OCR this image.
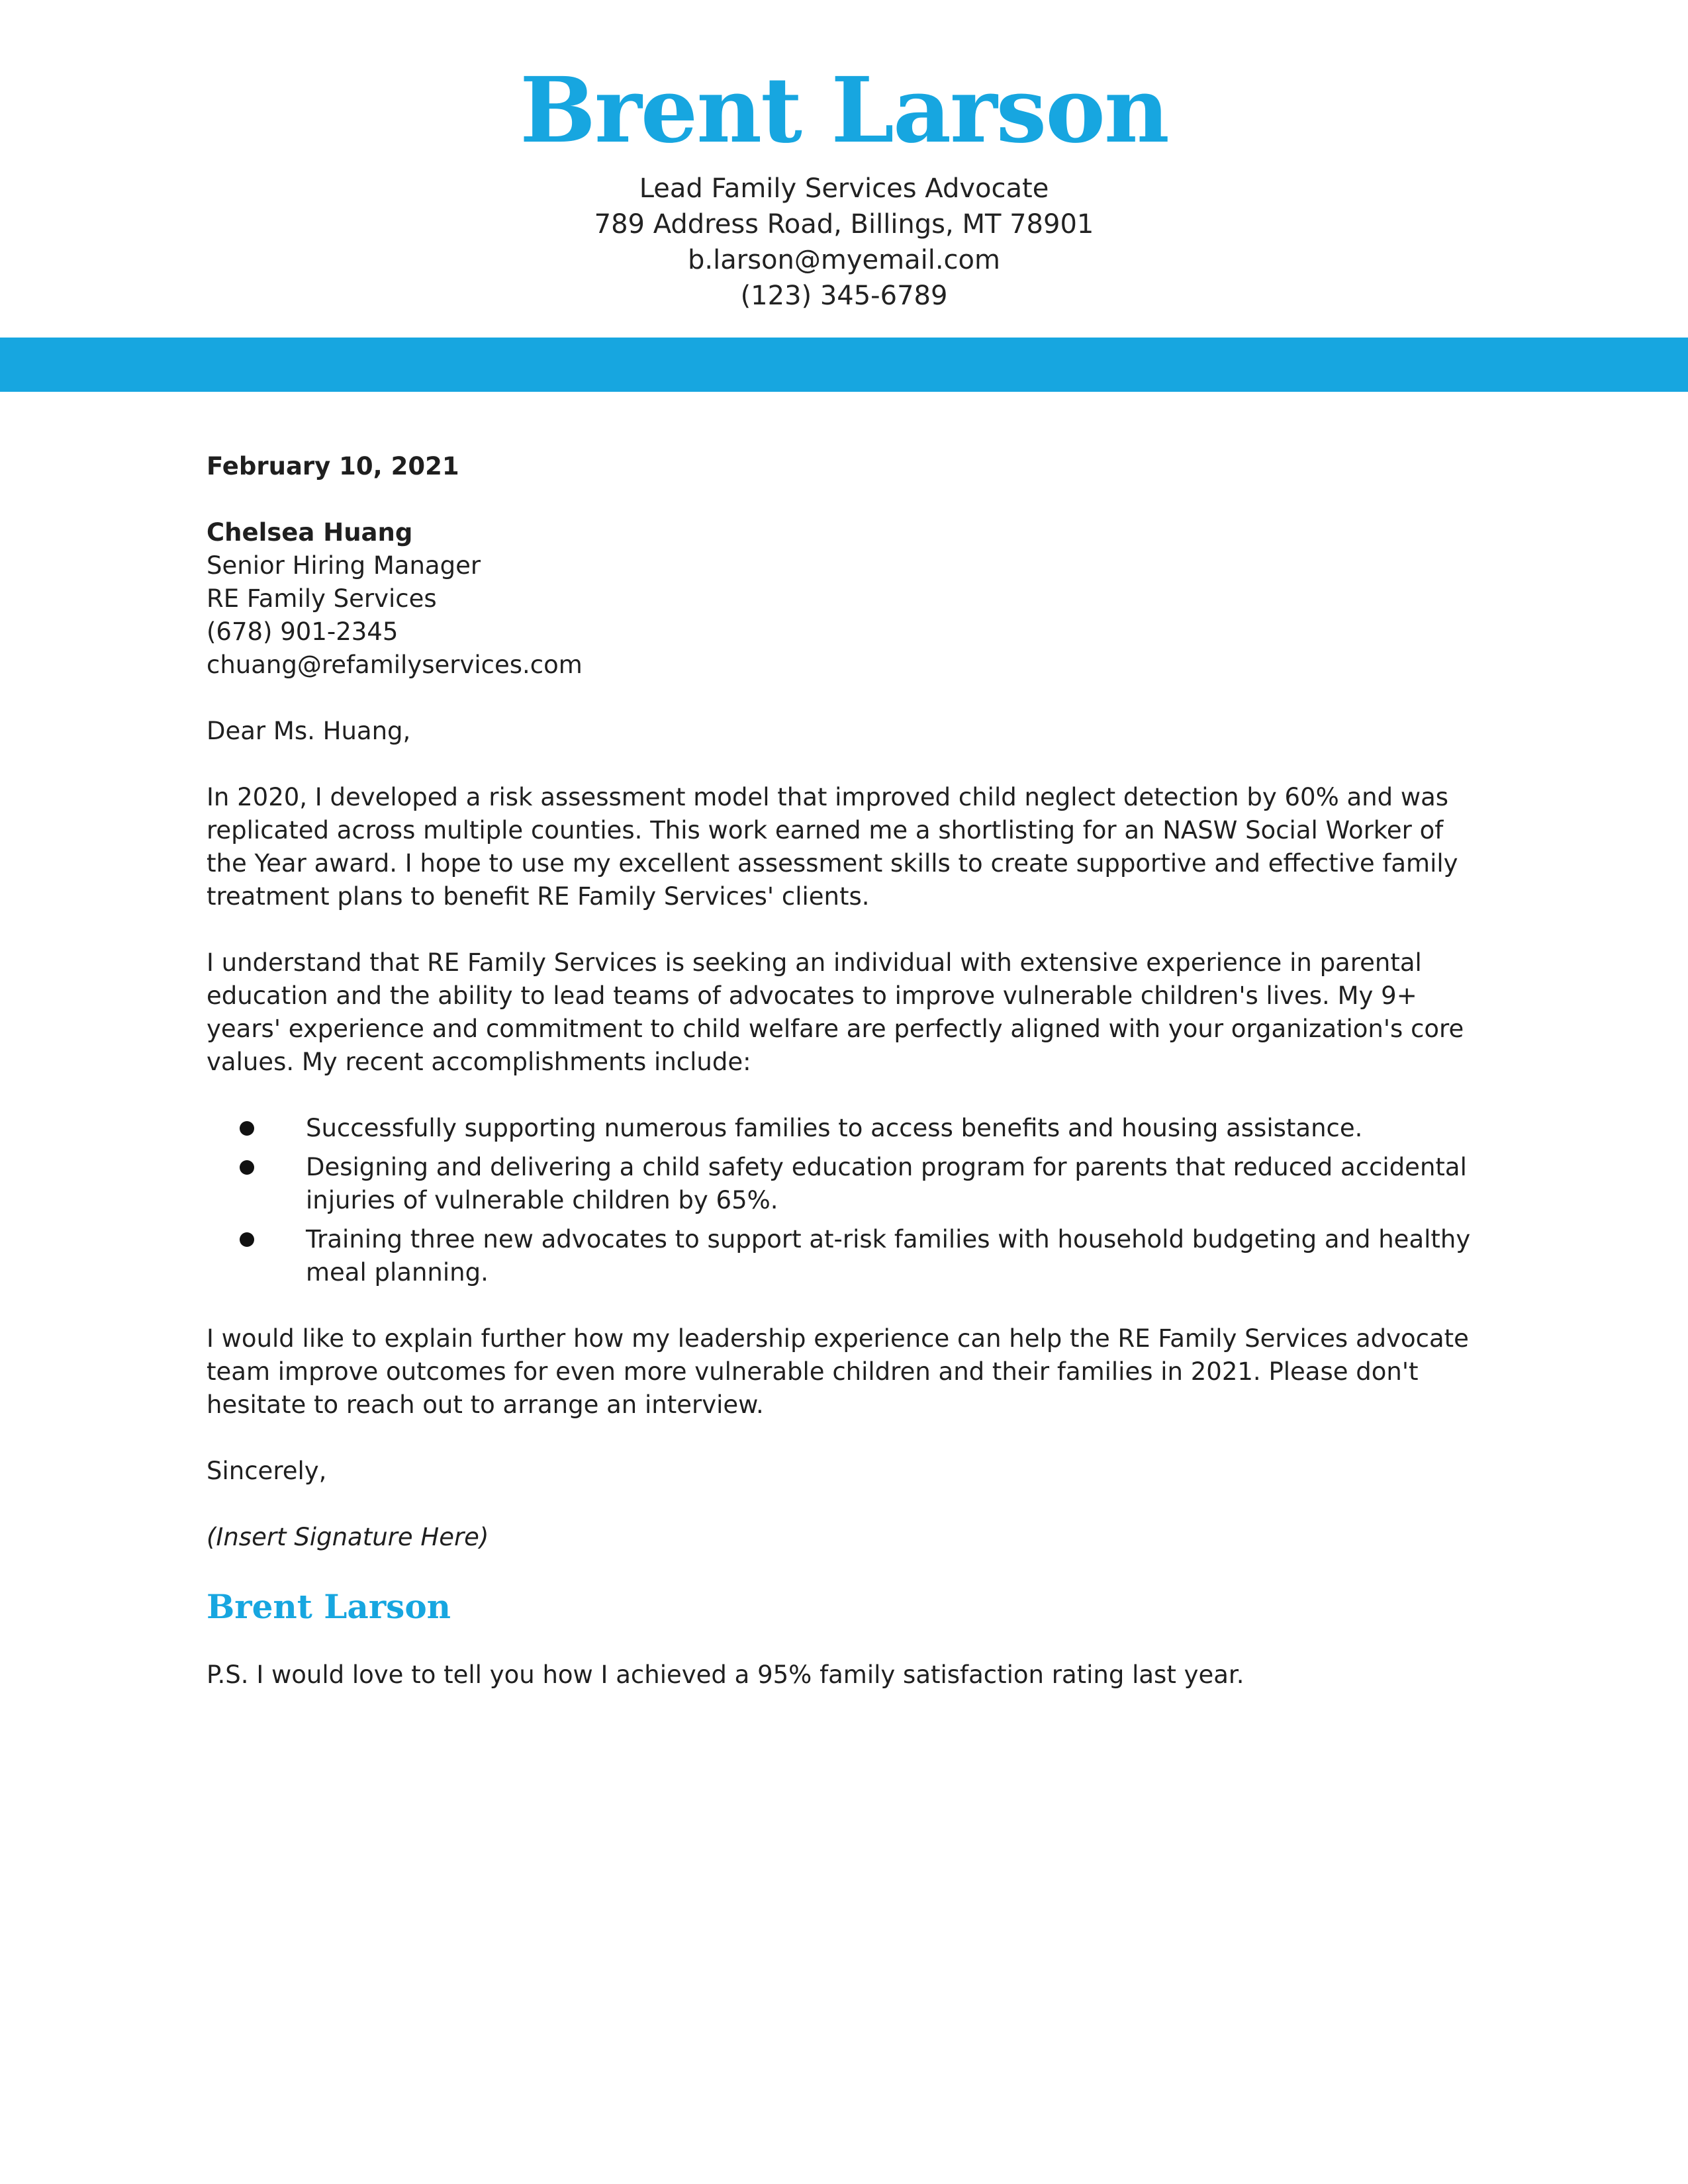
Brent Larson
Lead Family Services Advocate
789 Address Road, Billings, MT 78901
b.larson@myemail.com
(123) 345-6789
February 10, 2021
Chelsea Huang
Senior Hiring Manager
RE Family Services
(678) 901-2345
chuang@refamilyservices.com
Dear Ms. Huang,
In 2020, I developed a risk assessment model that improved child neglect detection by 60% and was replicated across multiple counties. This work earned me a shortlisting for an NASW Social Worker of the Year award. I hope to use my excellent assessment skills to create supportive and effective family treatment plans to benefit RE Family Services' clients.
I understand that RE Family Services is seeking an individual with extensive experience in parental education and the ability to lead teams of advocates to improve vulnerable children's lives. My 9+ years' experience and commitment to child welfare are perfectly aligned with your organization's core values. My recent accomplishments include:
Successfully supporting numerous families to access benefits and housing assistance.
Designing and delivering a child safety education program for parents that reduced accidental injuries of vulnerable children by 65%.
Training three new advocates to support at-risk families with household budgeting and healthy meal planning.
I would like to explain further how my leadership experience can help the RE Family Services advocate team improve outcomes for even more vulnerable children and their families in 2021. Please don't hesitate to reach out to arrange an interview.
Sincerely,
(Insert Signature Here)
Brent Larson
P.S. I would love to tell you how I achieved a 95% family satisfaction rating last year.
